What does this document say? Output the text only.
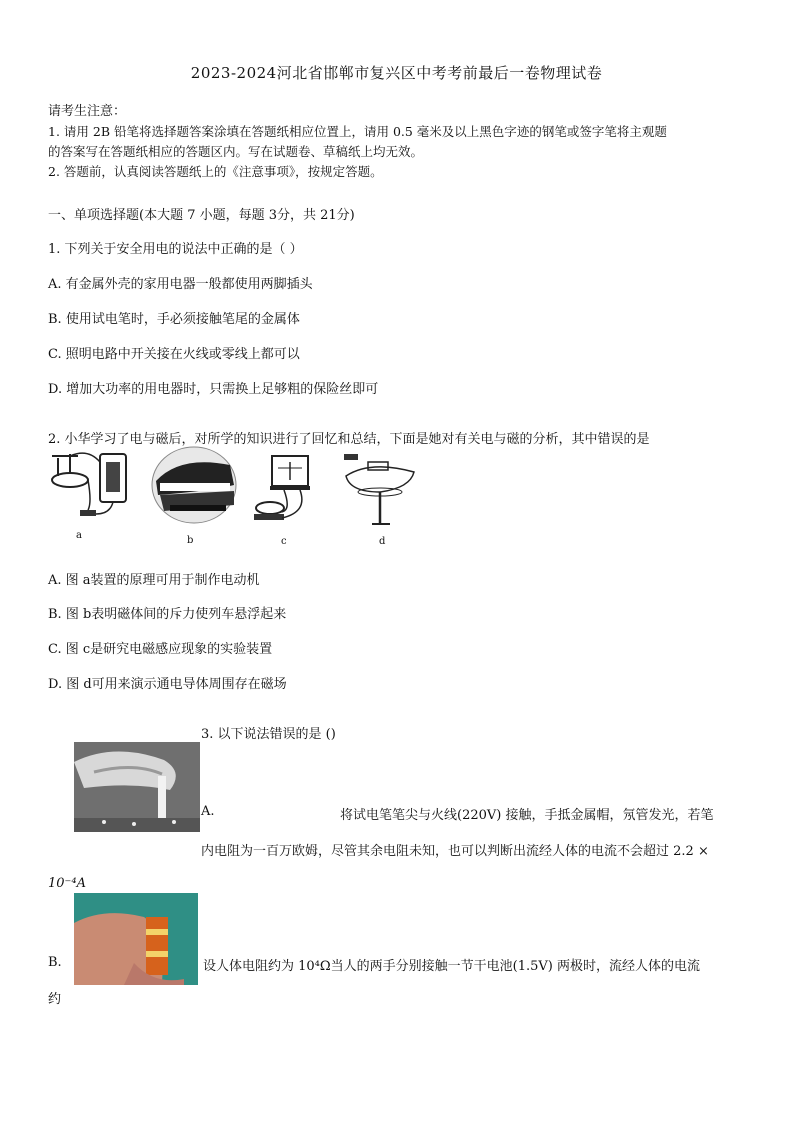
2023-2024河北省邯郸市复兴区中考考前最后一卷物理试卷
请考生注意：
1. 请用 2B 铅笔将选择题答案涂填在答题纸相应位置上，请用 0.5 毫米及以上黑色字迹的钢笔或签字笔将主观题
的答案写在答题纸相应的答题区内。写在试题卷、草稿纸上均无效。
2. 答题前，认真阅读答题纸上的《注意事项》，按规定答题。
一、单项选择题(本大题 7 小题，每题 3分，共 21分)
1. 下列关于安全用电的说法中正确的是（ ）
A. 有金属外壳的家用电器一般都使用两脚插头
B. 使用试电笔时，手必须接触笔尾的金属体
C. 照明电路中开关接在火线或零线上都可以
D. 增加大功率的用电器时，只需换上足够粗的保险丝即可
2. 小华学习了电与磁后，对所学的知识进行了回忆和总结，下面是她对有关电与磁的分析，其中错误的是
a	b	c	d
A. 图 a装置的原理可用于制作电动机
B. 图 b表明磁体间的斥力使列车悬浮起来
C. 图 c是研究电磁感应现象的实验装置
D. 图 d可用来演示通电导体周围存在磁场
3. 以下说法错误的是 ()
A.	将试电笔笔尖与火线(220V) 接触，手抵金属帽，氖管发光，若笔
内电阻为一百万欧姆，尽管其余电阻未知，也可以判断出流经人体的电流不会超过 2.2 ×
10⁻⁴A
B.	设人体电阻约为 10⁴Ω当人的两手分别接触一节干电池(1.5V) 两极时，流经人体的电流
约
